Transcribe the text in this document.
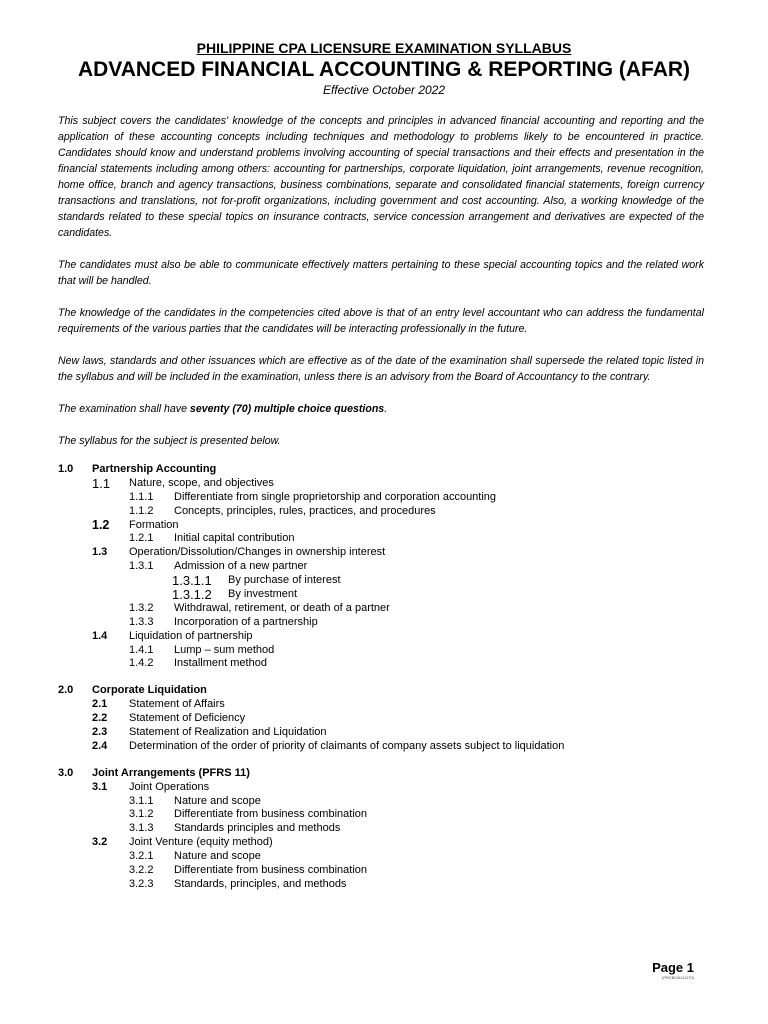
PHILIPPINE CPA LICENSURE EXAMINATION SYLLABUS
ADVANCED FINANCIAL ACCOUNTING & REPORTING (AFAR)
Effective October 2022

This subject covers the candidates' knowledge of the concepts and principles in advanced financial accounting and reporting and the application of these accounting concepts including techniques and methodology to problems likely to be encountered in practice. Candidates should know and understand problems involving accounting of special transactions and their effects and presentation in the financial statements including among others: accounting for partnerships, corporate liquidation, joint arrangements, revenue recognition, home office, branch and agency transactions, business combinations, separate and consolidated financial statements, foreign currency transactions and translations, not for-profit organizations, including government and cost accounting. Also, a working knowledge of the standards related to these special topics on insurance contracts, service concession arrangement and derivatives are expected of the candidates.

The candidates must also be able to communicate effectively matters pertaining to these special accounting topics and the related work that will be handled.

The knowledge of the candidates in the competencies cited above is that of an entry level accountant who can address the fundamental requirements of the various parties that the candidates will be interacting professionally in the future.

New laws, standards and other issuances which are effective as of the date of the examination shall supersede the related topic listed in the syllabus and will be included in the examination, unless there is an advisory from the Board of Accountancy to the contrary.

The examination shall have seventy (70) multiple choice questions.

The syllabus for the subject is presented below.

1.0 Partnership Accounting
1.1 Nature, scope, and objectives
1.1.1 Differentiate from single proprietorship and corporation accounting
1.1.2 Concepts, principles, rules, practices, and procedures
1.2 Formation
1.2.1 Initial capital contribution
1.3 Operation/Dissolution/Changes in ownership interest
1.3.1 Admission of a new partner
1.3.1.1 By purchase of interest
1.3.1.2 By investment
1.3.2 Withdrawal, retirement, or death of a partner
1.3.3 Incorporation of a partnership
1.4 Liquidation of partnership
1.4.1 Lump – sum method
1.4.2 Installment method
2.0 Corporate Liquidation
2.1 Statement of Affairs
2.2 Statement of Deficiency
2.3 Statement of Realization and Liquidation
2.4 Determination of the order of priority of claimants of company assets subject to liquidation
3.0 Joint Arrangements (PFRS 11)
3.1 Joint Operations
3.1.1 Nature and scope
3.1.2 Differentiate from business combination
3.1.3 Standards principles and methods
3.2 Joint Venture (equity method)
3.2.1 Nature and scope
3.2.2 Differentiate from business combination
3.2.3 Standards, principles, and methods
Page 1
(PRCBOA111170)
